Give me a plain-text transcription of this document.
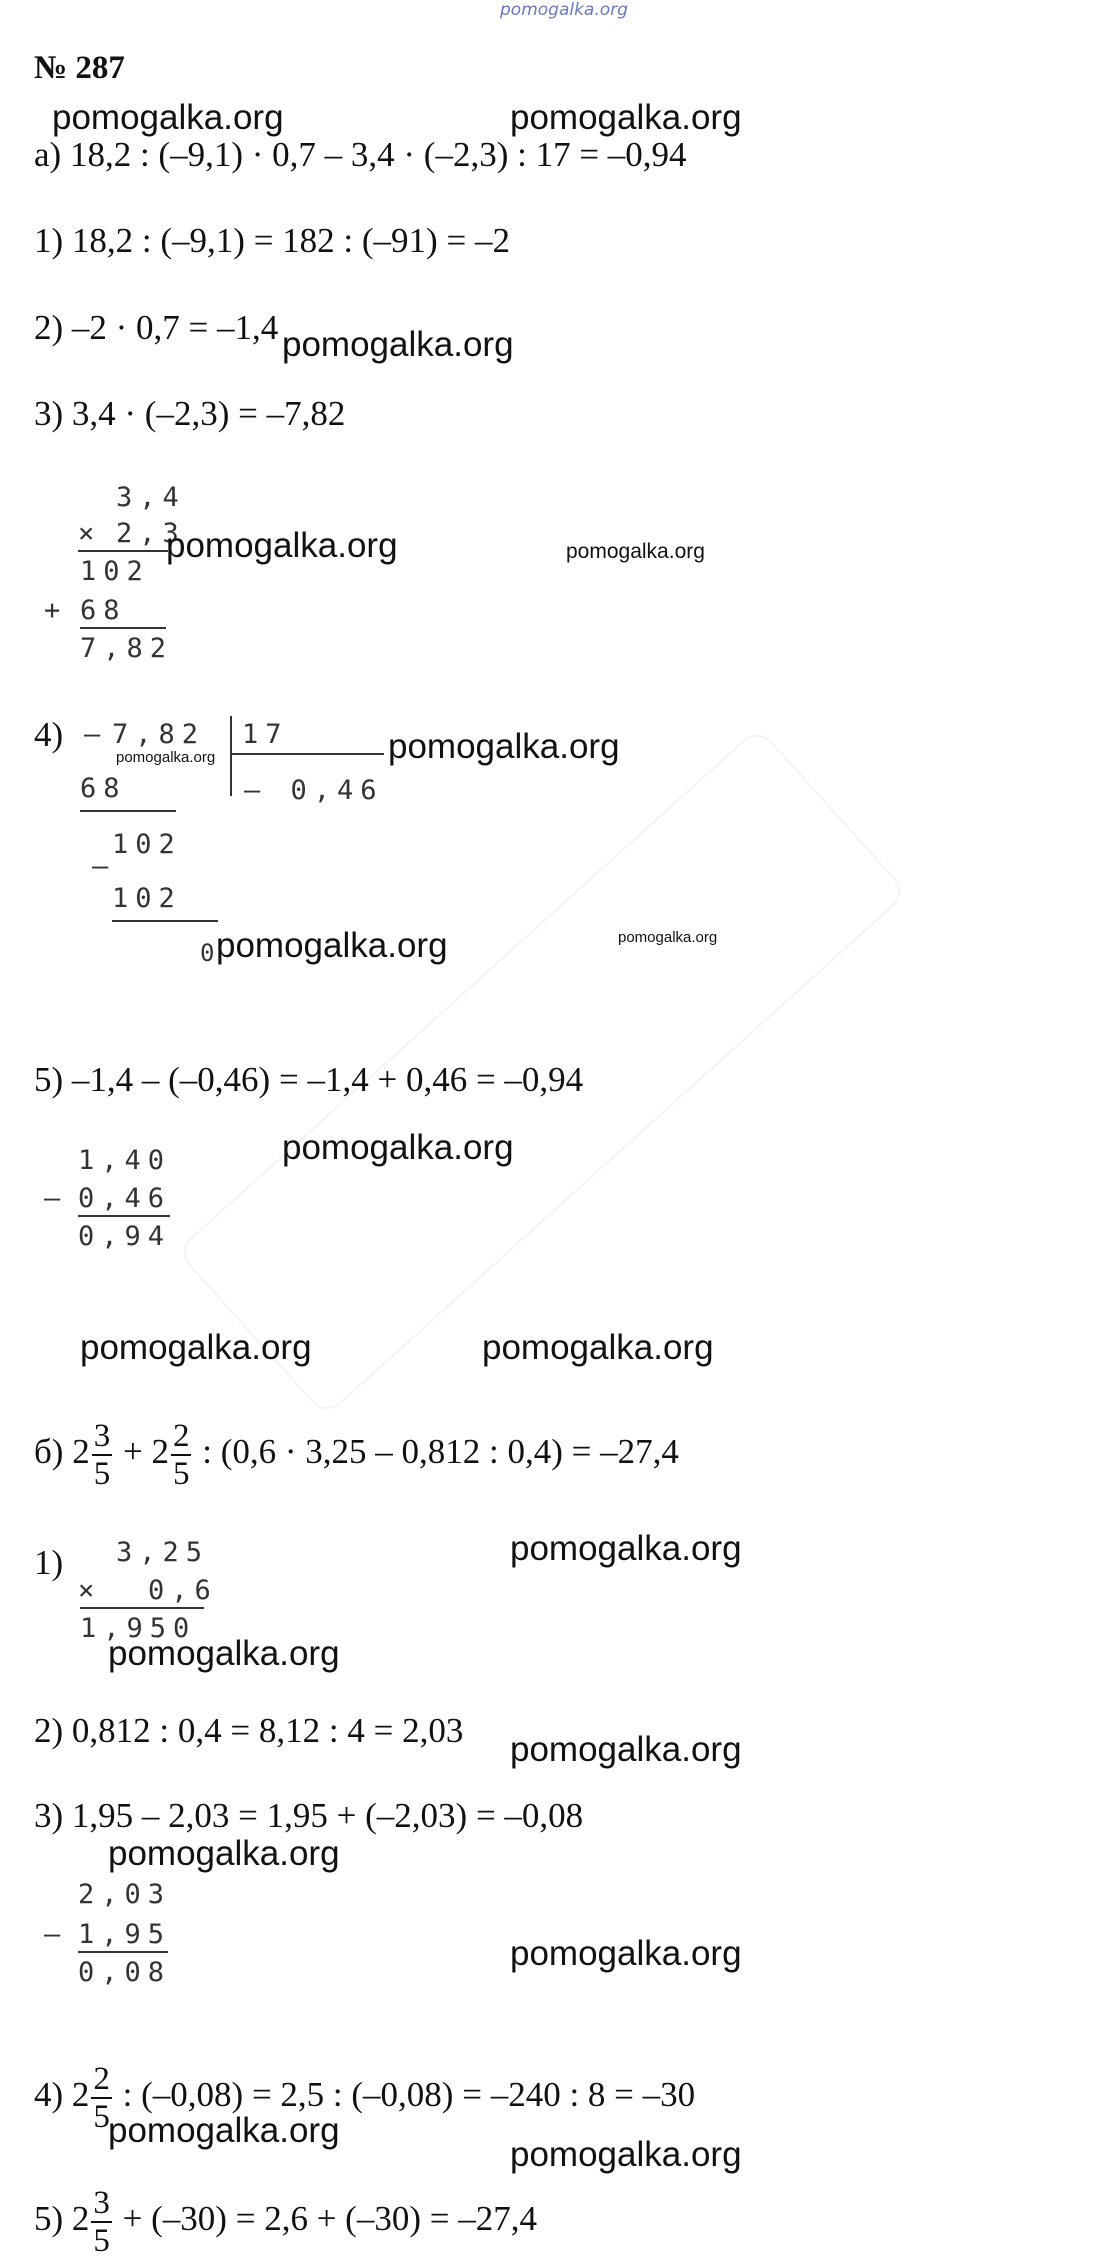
pomogalka.org
№ 287
а) 18,2 : (–9,1) · 0,7 – 3,4 · (–2,3) : 17 = –0,94
1) 18,2 : (–9,1) = 182 : (–91) = –2
2) –2 · 0,7 = –1,4
3) 3,4 · (–2,3) = –7,82
3,4
× 2,3
102
+ 68
7,82
4) – 7,82 17
– 0,46
68
102
–
102
0
5) –1,4 – (–0,46) = –1,4 + 0,46 = –0,94
1,40
– 0,46
0,94
б) $2 \frac{3}{5} + 2 \frac{2}{5}$ : (0,6 · 3,25 – 0,812 : 0,4) = –27,4
1) 3,25
× 0,6
1,950
2) 0,812 : 0,4 = 8,12 : 4 = 2,03
3) 1,95 – 2,03 = 1,95 + (–2,03) = –0,08
2,03
– 1,95
0,08
4) $2 \frac{2}{5}$ : (–0,08) = 2,5 : (–0,08) = –240 : 8 = –30
5) $2 \frac{3}{5} + (-30) = 2,6 + (-30) = -27,4$
pomogalka.org	pomogalka.org
pomogalka.org
pomogalka.org	pomogalka.org
pomogalka.org	pomogalka.org
pomogalka.org	pomogalka.org
pomogalka.org
pomogalka.org	pomogalka.org
pomogalka.org
pomogalka.org
pomogalka.org
pomogalka.org
pomogalka.org
pomogalka.org
pomogalka.org
